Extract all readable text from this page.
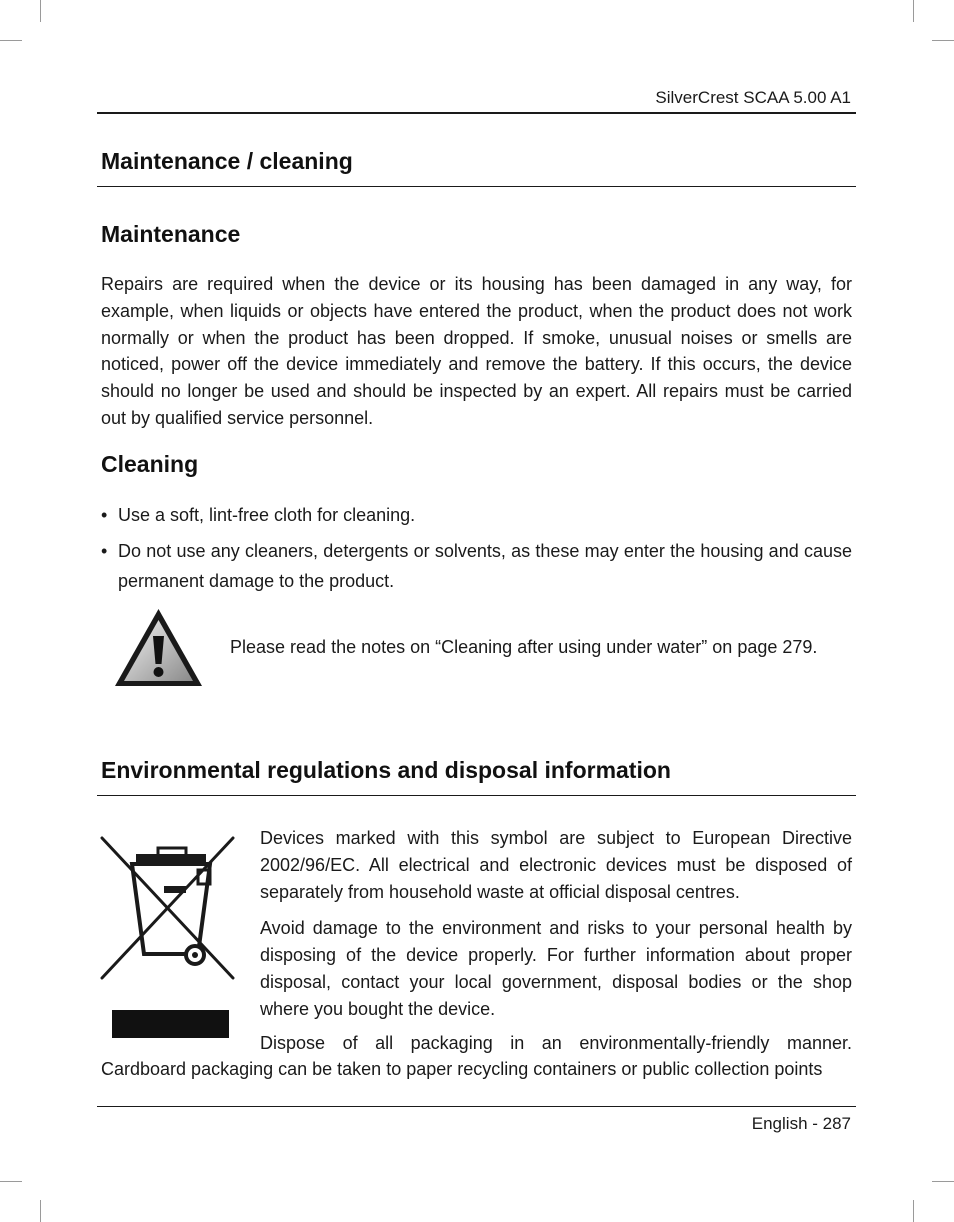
SilverCrest SCAA 5.00 A1
Maintenance / cleaning
Maintenance

Repairs are required when the device or its housing has been damaged in any way, for example, when liquids or objects have entered the product, when the product does not work normally or when the product has been dropped. If smoke, unusual noises or smells are noticed, power off the device immediately and remove the battery. If this occurs, the device should no longer be used and should be inspected by an expert. All repairs must be carried out by qualified service personnel.

Cleaning
• Use a soft, lint-free cloth for cleaning.
• Do not use any cleaners, detergents or solvents, as these may enter the housing and cause permanent damage to the product.
Please read the notes on “Cleaning after using under water” on page 279.
Environmental regulations and disposal information

Devices marked with this symbol are subject to European Directive 2002/96/EC. All electrical and electronic devices must be disposed of separately from household waste at official disposal centres.

Avoid damage to the environment and risks to your personal health by disposing of the device properly. For further information about proper disposal, contact your local government, disposal bodies or the shop where you bought the device.

Dispose of all packaging in an environmentally-friendly manner.

Cardboard packaging can be taken to paper recycling containers or public collection points

English - 287
